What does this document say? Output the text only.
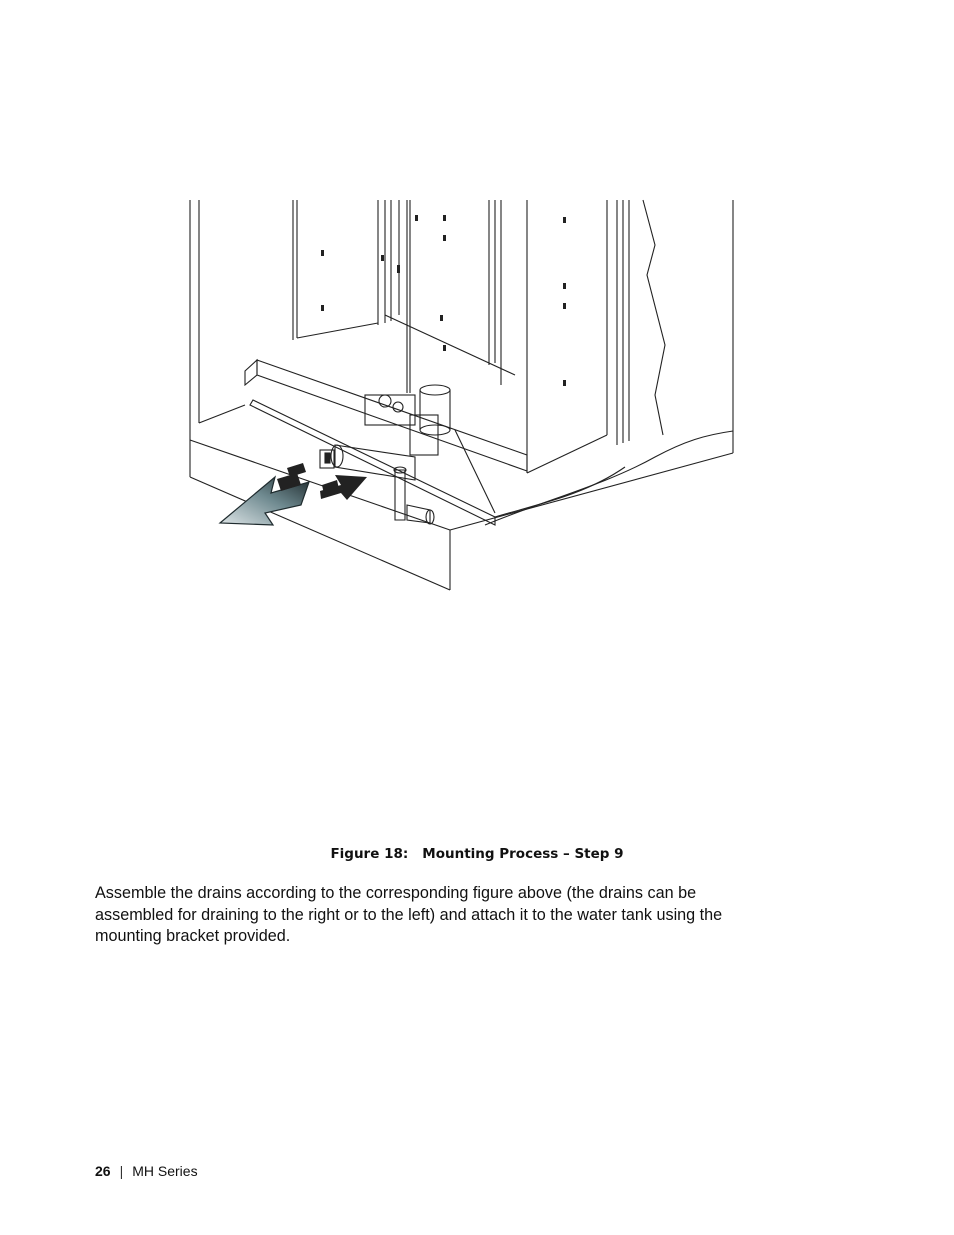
Figure 18: Mounting Process – Step 9

Assemble the drains according to the corresponding figure above (the drains can be

assembled for draining to the right or to the left) and attach it to the water tank using the

mounting bracket provided.

26 | MH Series
